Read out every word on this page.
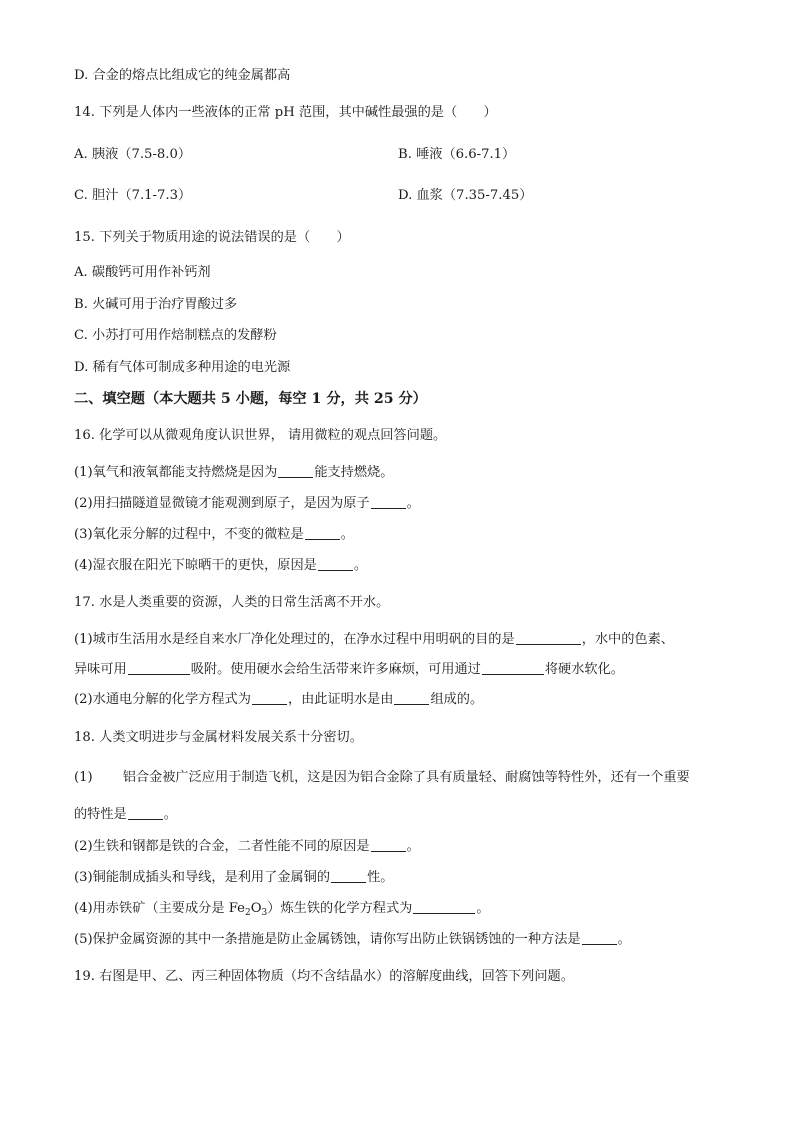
D. 合金的熔点比组成它的纯金属都高
14. 下列是人体内一些液体的正常 pH 范围，其中碱性最强的是（　　）
A. 胰液（7.5-8.0）	B. 唾液（6.6-7.1）
C. 胆汁（7.1-7.3）	D. 血浆（7.35-7.45）
15. 下列关于物质用途的说法错误的是（　　）
A. 碳酸钙可用作补钙剂
B. 火碱可用于治疗胃酸过多
C. 小苏打可用作焙制糕点的发酵粉
D. 稀有气体可制成多种用途的电光源
二、填空题（本大题共 5 小题，每空 1 分，共 25 分）
16. 化学可以从微观角度认识世界， 请用微粒的观点回答问题。
(1)氧气和液氧都能支持燃烧是因为	能支持燃烧。
(2)用扫描隧道显微镜才能观测到原子，是因为原子	。
(3)氧化汞分解的过程中，不变的微粒是	。
(4)湿衣服在阳光下晾晒干的更快，原因是	。
17. 水是人类重要的资源，人类的日常生活离不开水。
(1)城市生活用水是经自来水厂净化处理过的，在净水过程中用明矾的目的是	，水中的色素、
异味可用	吸附。使用硬水会给生活带来许多麻烦，可用通过	将硬水软化。
(2)水通电分解的化学方程式为	，由此证明水是由	组成的。
18. 人类文明进步与金属材料发展关系十分密切。
(1) 铝合金被广泛应用于制造飞机，这是因为铝合金除了具有质量轻、耐腐蚀等特性外，还有一个重要
的特性是	。
(2)生铁和钢都是铁的合金，二者性能不同的原因是	。
(3)铜能制成插头和导线，是利用了金属铜的	性。
(4)用赤铁矿（主要成分是 $Fe_2O_3$）炼生铁的化学方程式为	。
(5)保护金属资源的其中一条措施是防止金属锈蚀，请你写出防止铁锅锈蚀的一种方法是	。
19. 右图是甲、乙、丙三种固体物质（均不含结晶水）的溶解度曲线，回答下列问题。
